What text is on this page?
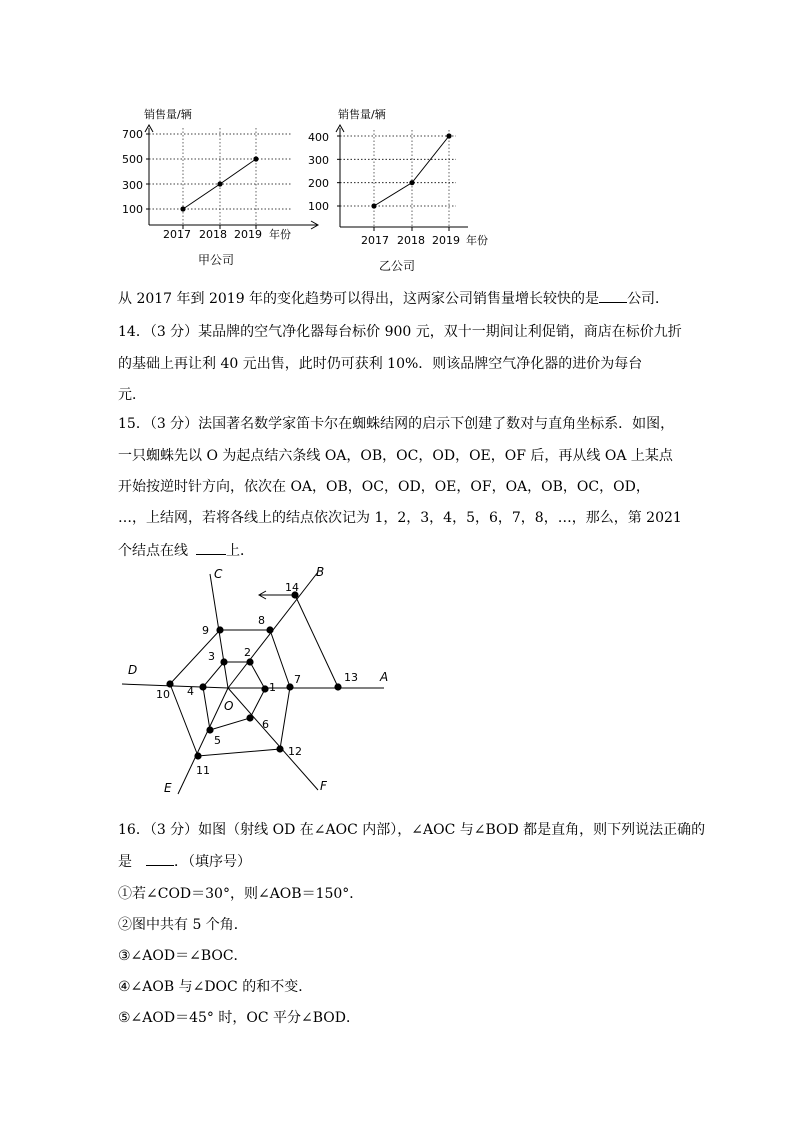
销售量/辆
700
500
300
100
2017 2018 2019 年份
甲公司
销售量/辆
400
300
200
100
2017 2018 2019 年份
乙公司
从 2017 年到 2019 年的变化趋势可以得出，这两家公司销售量增长较快的是 公司．
14．（3 分）某品牌的空气净化器每台标价 900 元，双十一期间让利促销，商店在标价九折
的基础上再让利 40 元出售，此时仍可获利 10%．则该品牌空气净化器的进价为每台
元．
15．（3 分）法国著名数学家笛卡尔在蜘蛛结网的启示下创建了数对与直角坐标系．如图，
一只蜘蛛先以 O 为起点结六条线 OA，OB，OC，OD，OE，OF 后，再从线 OA 上某点
开始按逆时针方向，依次在 OA，OB，OC，OD，OE，OF，OA，OB，OC，OD，
…，上结网，若将各线上的结点依次记为 1，2，3，4，5，6，7，8，…，那么，第 2021
个结点在线	上．
1
2
3
4
5
6
7
8
9
10
11
12
13
14
A
B
C
D
E	F
O
16．（3 分）如图（射线 OD 在∠AOC 内部），∠AOC 与∠BOD 都是直角，则下列说法正确的
是	．（填序号）
①若∠COD＝30°，则∠AOB＝150°．
②图中共有 5 个角．
③∠AOD＝∠BOC．
④∠AOB 与∠DOC 的和不变．
⑤∠AOD＝45° 时，OC 平分∠BOD．
